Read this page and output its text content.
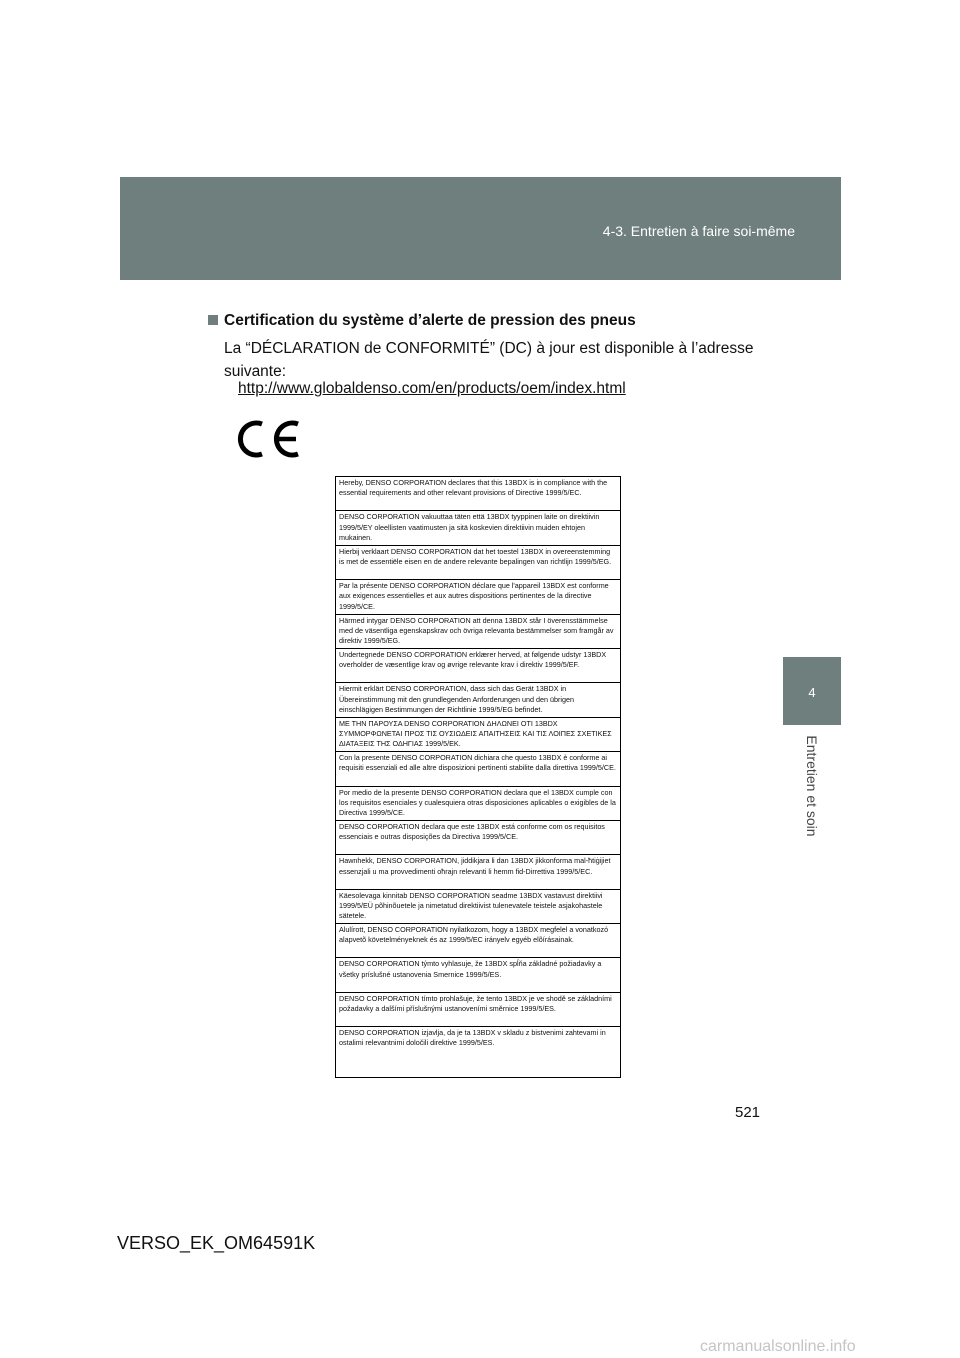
4-3. Entretien à faire soi-même
4
Entretien et soin
Certification du système d’alerte de pression des pneus
La “DÉCLARATION de CONFORMITÉ” (DC) à jour est disponible à l’adresse suivante:
http://www.globaldenso.com/en/products/oem/index.html
Hereby, DENSO CORPORATION declares that this 13BDX is in compliance with the essential requirements and other relevant provisions of Directive 1999/5/EC.
DENSO CORPORATION vakuuttaa täten että 13BDX tyyppinen laite on direktiivin 1999/5/EY oleellisten vaatimusten ja sitä koskevien direktiivin muiden ehtojen mukainen.
Hierbij verklaart DENSO CORPORATION dat het toestel 13BDX in overeenstemming is met de essentiële eisen en de andere relevante bepalingen van richtlijn 1999/5/EG.
Par la présente DENSO CORPORATION déclare que l'appareil 13BDX est conforme aux exigences essentielles et aux autres dispositions pertinentes de la directive 1999/5/CE.
Härmed intygar DENSO CORPORATION att denna 13BDX står I överensstämmelse med de väsentliga egenskapskrav och övriga relevanta bestämmelser som framgår av direktiv 1999/5/EG.
Undertegnede DENSO CORPORATION erklærer herved, at følgende udstyr 13BDX overholder de væsentlige krav og øvrige relevante krav i direktiv 1999/5/EF.
Hiermit erklärt DENSO CORPORATION, dass sich das Gerät 13BDX in Übereinstimmung mit den grundlegenden Anforderungen und den übrigen einschlägigen Bestimmungen der Richtlinie 1999/5/EG befindet.
ΜΕ ΤΗΝ ΠΑΡΟΥΣΑ DENSO CORPORATION ΔΗΛΩΝΕΙ ΟΤΙ 13BDX ΣΥΜΜΟΡΦΩΝΕΤΑΙ ΠΡΟΣ ΤΙΣ ΟΥΣΙΩΔΕΙΣ ΑΠΑΙΤΗΣΕΙΣ ΚΑΙ ΤΙΣ ΛΟΙΠΕΣ ΣΧΕΤΙΚΕΣ ΔΙΑΤΑΞΕΙΣ ΤΗΣ ΟΔΗΓΙΑΣ 1999/5/ΕΚ.
Con la presente DENSO CORPORATION dichiara che questo 13BDX è conforme ai requisiti essenziali ed alle altre disposizioni pertinenti stabilite dalla direttiva 1999/5/CE.
Por medio de la presente DENSO CORPORATION declara que el 13BDX cumple con los requisitos esenciales y cualesquiera otras disposiciones aplicables o exigibles de la Directiva 1999/5/CE.
DENSO CORPORATION declara que este 13BDX está conforme com os requisitos essenciais e outras disposições da Directiva 1999/5/CE.
Hawnhekk, DENSO CORPORATION, jiddikjara li dan 13BDX jikkonforma mal-ħtiġijiet essenzjali u ma provvedimenti oħrajn relevanti li hemm fid-Dirrettiva 1999/5/EC.
Käesolevaga kinnitab DENSO CORPORATION seadme 13BDX vastavust direktiivi 1999/5/EÜ põhinõuetele ja nimetatud direktiivist tulenevatele teistele asjakohastele sätetele.
Alulírott, DENSO CORPORATION nyilatkozom, hogy a 13BDX megfelel a vonatkozó alapvetõ követelményeknek és az 1999/5/EC irányelv egyéb elõírásainak.
DENSO CORPORATION týmto vyhlasuje, že 13BDX spĺňa základné požiadavky a všetky príslušné ustanovenia Smernice 1999/5/ES.
DENSO CORPORATION tímto prohlašuje, že tento 13BDX je ve shodě se základními požadavky a dalšími příslušnými ustanoveními směrnice 1999/5/ES.
DENSO CORPORATION izjavlja, da je ta 13BDX v skladu z bistvenimi zahtevami in ostalimi relevantnimi določili direktive 1999/5/ES.
521
VERSO_EK_OM64591K
carmanualsonline.info
